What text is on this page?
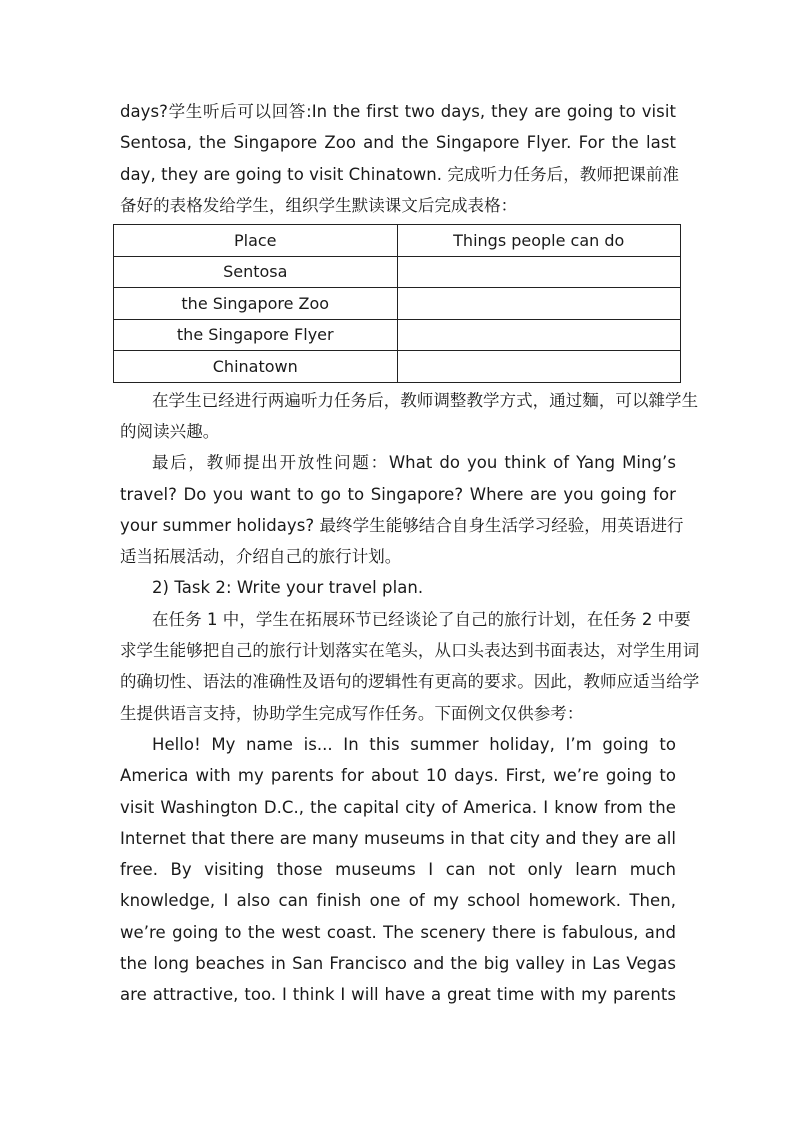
days?学生听后可以回答:In the first two days, they are going to visit
Sentosa, the Singapore Zoo and the Singapore Flyer. For the last
day, they are going to visit Chinatown. 完成听力任务后，教师把课前准
备好的表格发给学生，组织学生默读课文后完成表格：
Place	Things people can do
Sentosa	
the Singapore Zoo	
the Singapore Flyer	
Chinatown	
在学生已经进行两遍听力任务后，教师调整教学方式，通过麵，可以雜学生
的阅读兴趣。
最后，教师提出开放性问题：What do you think of Yang Ming’s
travel? Do you want to go to Singapore? Where are you going for
your summer holidays? 最终学生能够结合自身生活学习经验，用英语进行
适当拓展活动，介绍自己的旅行计划。
2) Task 2: Write your travel plan.
在任务 1 中，学生在拓展环节已经谈论了自己的旅行计划，在任务 2 中要
求学生能够把自己的旅行计划落实在笔头，从口头表达到书面表达，对学生用词
的确切性、语法的准确性及语句的逻辑性有更高的要求。因此，教师应适当给学
生提供语言支持，协助学生完成写作任务。下面例文仅供参考：
Hello! My name is... In this summer holiday, I’m going to
America with my parents for about 10 days. First, we’re going to
visit Washington D.C., the capital city of America. I know from the
Internet that there are many museums in that city and they are all
free. By visiting those museums I can not only learn much
knowledge, I also can finish one of my school homework. Then,
we’re going to the west coast. The scenery there is fabulous, and
the long beaches in San Francisco and the big valley in Las Vegas
are attractive, too. I think I will have a great time with my parents
